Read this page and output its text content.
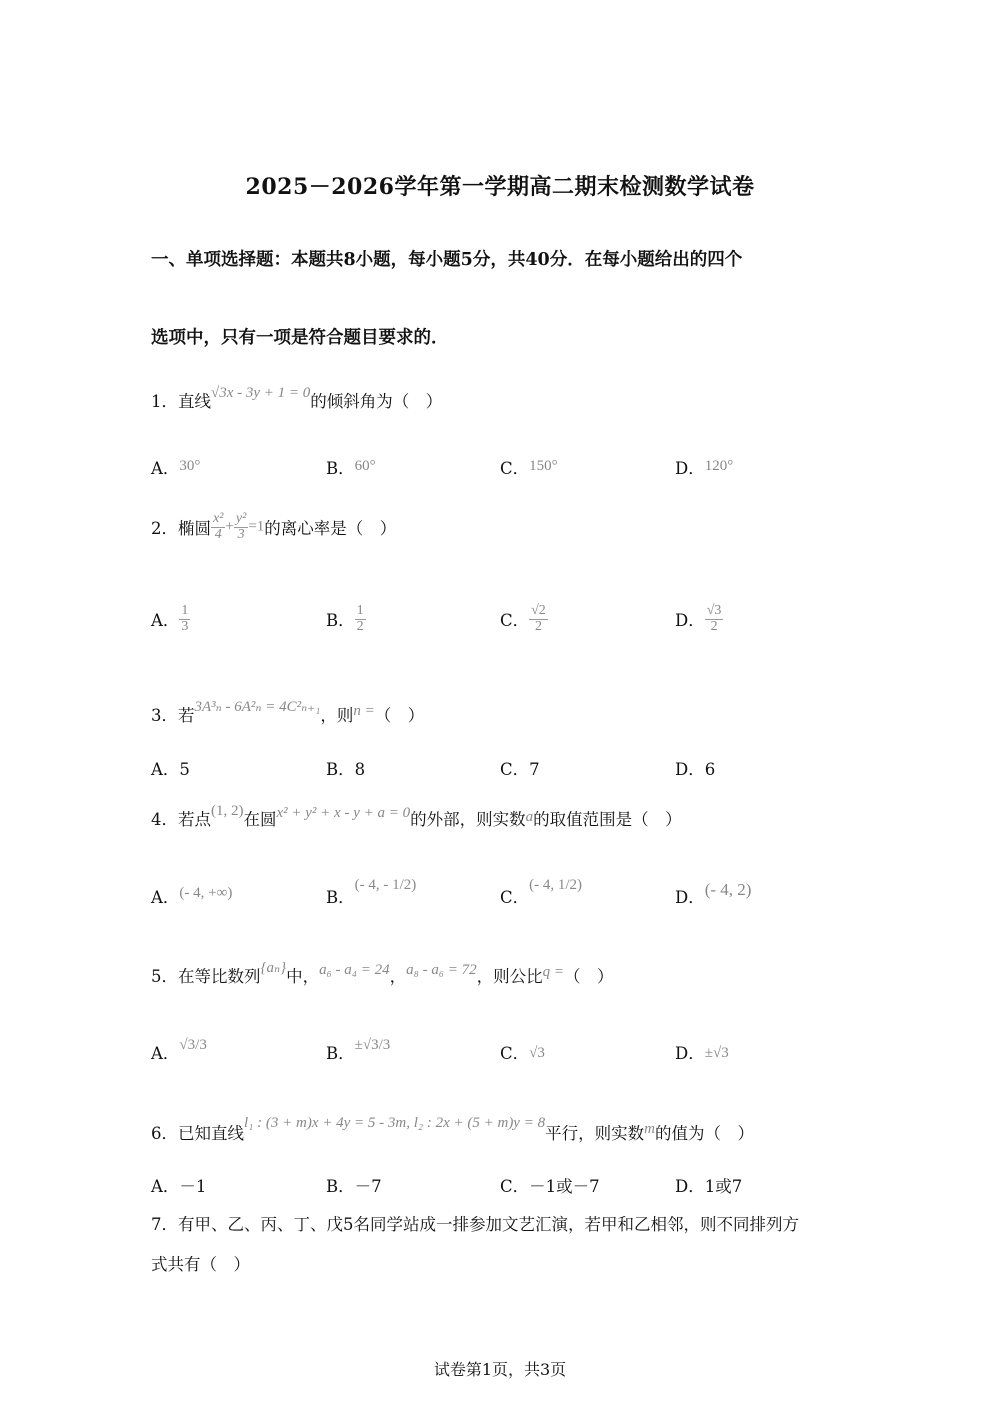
2025－2026学年第一学期高二期末检测数学试卷
一、单项选择题：本题共8小题，每小题5分，共40分．在每小题给出的四个
选项中，只有一项是符合题目要求的．
1．直线√3x - 3y + 1 = 0的倾斜角为（　）
A．30°	B．60°	C．150°	D．120°
2．椭圆 $\frac{\text{x²}}{4} + \frac{\text{y²}}{3} =1$的离心率是（　）
A． $\frac{1}{3}$	B． $\frac{1}{2}$	C． $\frac{√2}{2}$	D． $\frac{√3}{2}$
3．若3A³ₙ - 6A²ₙ = 4C²ₙ₊₁，则n =（　）
A．5	B．8	C．7	D．6
4．若点(1, 2)在圆x² + y² + x - y + a = 0的外部，则实数a的取值范围是（　）
A．(- 4, +∞)	B．(- 4, - 1/2)
C．(- 4, 1/2)
D．(- 4, 2)
5．在等比数列{aₙ}中，a₆ - a₄ = 24，a₈ - a₆ = 72，则公比q =（　）
A．√3/3	B．±√3/3	C．√3	D．±√3
6．已知直线l₁ : (3 + m)x + 4y = 5 - 3m, l₂ : 2x + (5 + m)y = 8平行，则实数m的值为（　）
A．－1	B．－7	C．－1或－7	D．1或7
7．有甲、乙、丙、丁、戊5名同学站成一排参加文艺汇演，若甲和乙相邻，则不同排列方
式共有（　）
试卷第1页，共3页
